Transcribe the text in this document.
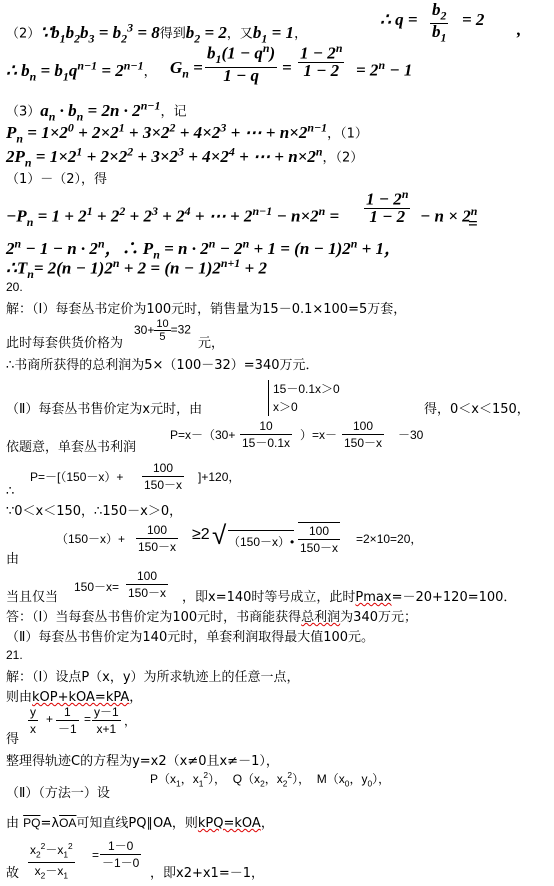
$(2)\because b_1b_2b_3 = b_2^3 = 8$得到$b_2 = 2$，又$b_1 = 1$，
∴ $q = \frac{b_2}{b_1} = 2$
,
∴ $b_n = b_1q^{n-1} = 2^{n-1}$， $G_n = \frac{b_1(1 - q^n)}{1 - q} = \frac{1 - 2^n}{1 - 2} = 2^n - 1$
$(3)a_n \cdot b_n = 2n \cdot 2^{n-1}$，记
$P_n = 1\times 2^0 + 2\times 2^1 + 3\times 2^2 + 4\times 2^3$ + ⋯ + $n\times 2^{n-1}$，（1）
$2P_n = 1\times 2^1 + 2\times 2^2 + 3\times 2^3 + 4\times 2^4$ + ⋯ + $n\times 2^n$，（2）
（1）－（2），得
$-P_n = 1 + 2^1 + 2^2 + 2^3 + 2^4$ + ⋯ + $2^{n-1} - n\times 2^n = \frac{1 - 2^n}{1 - 2} - n \times 2^n$
=
$2^n - 1 - n \cdot 2^n$，∴ $P_n = n \cdot 2^n - 2^n + 1 = (n - 1)2^n + 1$，
$\therefore T_n= 2(n - 1)2^n + 2 = (n - 1)2^{n+1} + 2$
20.
解：（Ⅰ）每套丛书定价为100元时，销售量为15－0.1×100=5万套，
此时每套供货价格为
$30+ \frac{10}{5} =32$
元，
∴书商所获得的总利润为5×（100－32）=340万元．
（Ⅱ）每套丛书售价定为x元时，由
15－0.1x＞0
x＞0	得，0＜x＜150，
依题意，单套丛书利润
$P=x-(30+ \frac{10}{15-0.1x} )=x- \frac{100}{150-x} -30$
∴
$P=-[(150-x)+ \frac{100}{150-x} ]+120$，
∵0＜x＜150，∴150－x＞0，
由
$(150-x)+ \frac{100}{150-x} \ge 2$ √ （150－x）• $\frac{100}{150-x} =2\times 10=20$，
当且仅当
$150-x= \frac{100}{150-x}$ ，即x=140时等号成立，此时Pmax=－20+120=100．
答：（Ⅰ）当每套丛书售价定为100元时，书商能获得总利润为340万元；
（Ⅱ）每套丛书售价定为140元时，单套利润取得最大值100元。
21.
解：（Ⅰ）设点P（x，y）为所求轨迹上的任意一点，
则由kOP+kOA=kPA，
得
$\frac{y}{x} + \frac{1}{-1} = \frac{y-1}{x+1}$ ，
整理得轨迹C的方程为y=x2（x≠0且x≠－1），
（Ⅱ）（方法一）设
$P(x_1$，$x_1^2$），  $Q(x_2$，$x_2^2$），  $M(x_0$，$y_0$），
由 $\overline{PQ}=\lambda\overline{OA}$可知直线PQ∥OA，则kPQ=kOA，
故 $\frac{x_2^2-x_1^2}{x_2-x_1} = \frac{1-0}{-1-0}$
，即x2+x1=－1，
